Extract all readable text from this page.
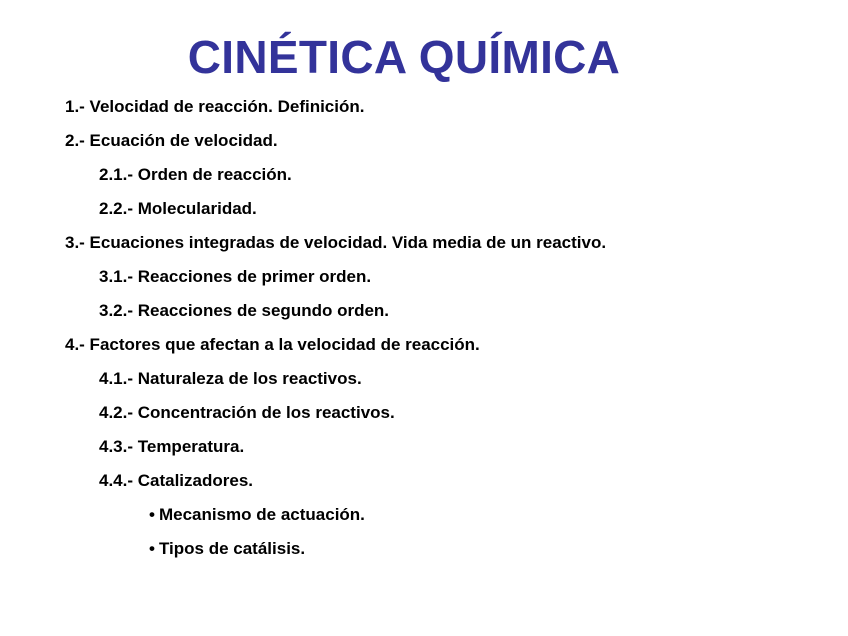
CINÉTICA QUÍMICA
1.- Velocidad de reacción. Definición.
2.- Ecuación de velocidad.
2.1.- Orden de reacción.
2.2.- Molecularidad.
3.- Ecuaciones integradas de velocidad. Vida media de un reactivo.
3.1.- Reacciones de primer orden.
3.2.- Reacciones de segundo orden.
4.- Factores que afectan a la velocidad de reacción.
4.1.- Naturaleza de los reactivos.
4.2.- Concentración de los reactivos.
4.3.- Temperatura.
4.4.- Catalizadores.
• Mecanismo de actuación.
• Tipos de catálisis.
